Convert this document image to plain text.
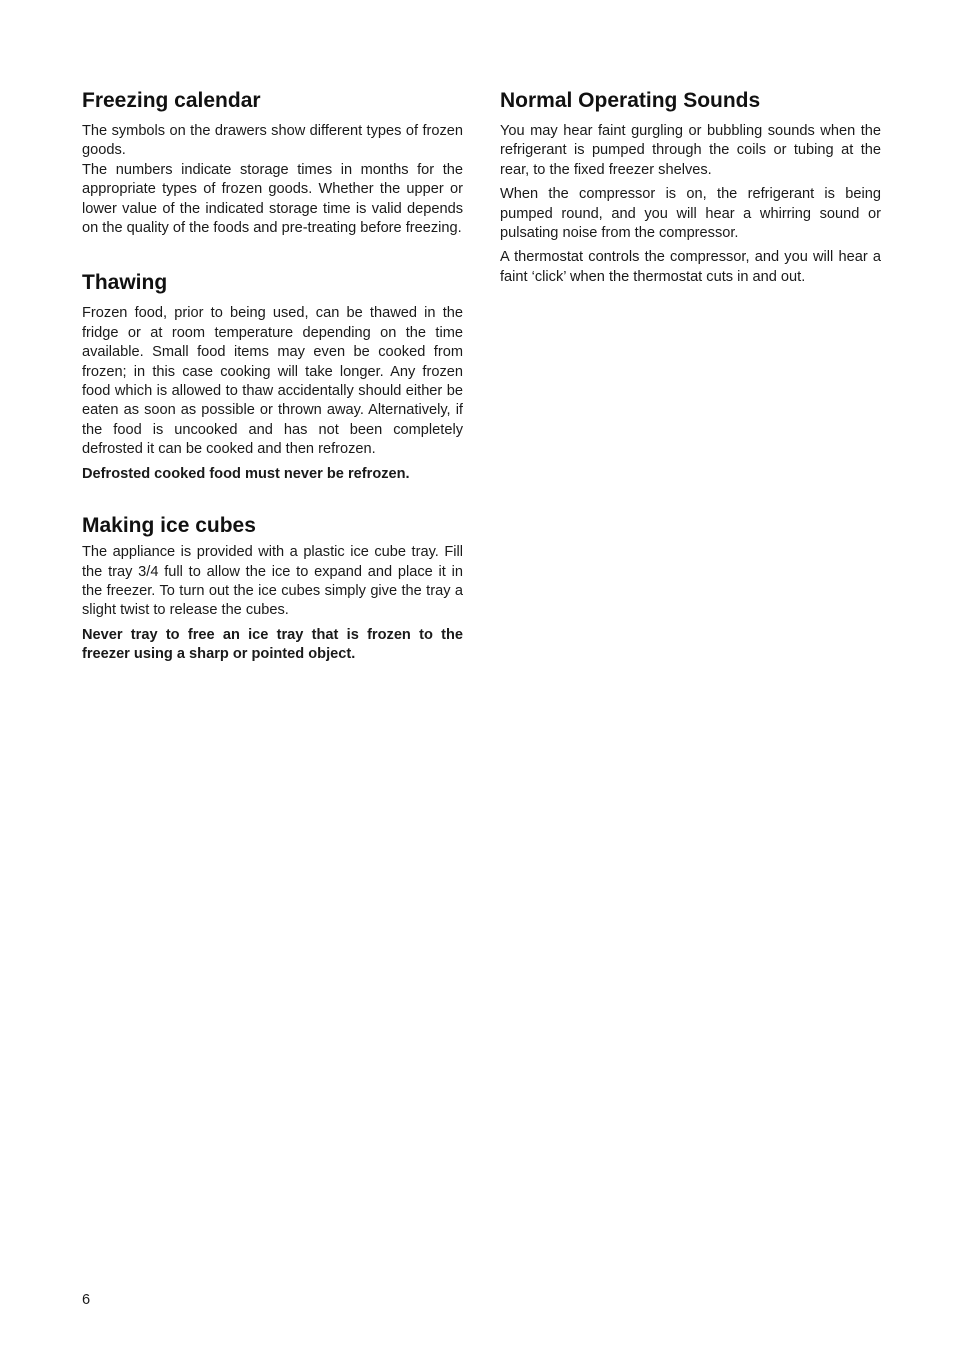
Freezing calendar

The symbols on the drawers show different types of frozen goods.

The numbers indicate storage times in months for the appropriate types of frozen goods. Whether the upper or lower value of the indicated storage time is valid depends on the quality of the foods and pre-treating before freezing.

Thawing

Frozen food, prior to being used, can be thawed in the fridge or at room temperature depending on the time available. Small food items may even be cooked from frozen; in this case cooking will take longer. Any frozen food which is allowed to thaw accidentally should either be eaten as soon as possible or thrown away. Alternatively, if the food is uncooked and has not been completely defrosted it can be cooked and then refrozen.

Defrosted cooked food must never be refrozen.

Making ice cubes

The appliance is provided with a plastic ice cube tray. Fill the tray 3/4 full to allow the ice to expand and place it in the freezer. To turn out the ice cubes simply give the tray a slight twist to release the cubes.

Never tray to free an ice tray that is frozen to the freezer using a sharp or pointed object.

Normal Operating Sounds

You may hear faint gurgling or bubbling sounds when the refrigerant is pumped through the coils or tubing at the rear, to the fixed freezer shelves.

When the compressor is on, the refrigerant is being pumped round, and you will hear a whirring sound or pulsating noise from the compressor.

A thermostat controls the compressor, and you will hear a faint ‘click’ when the thermostat cuts in and out.

6
